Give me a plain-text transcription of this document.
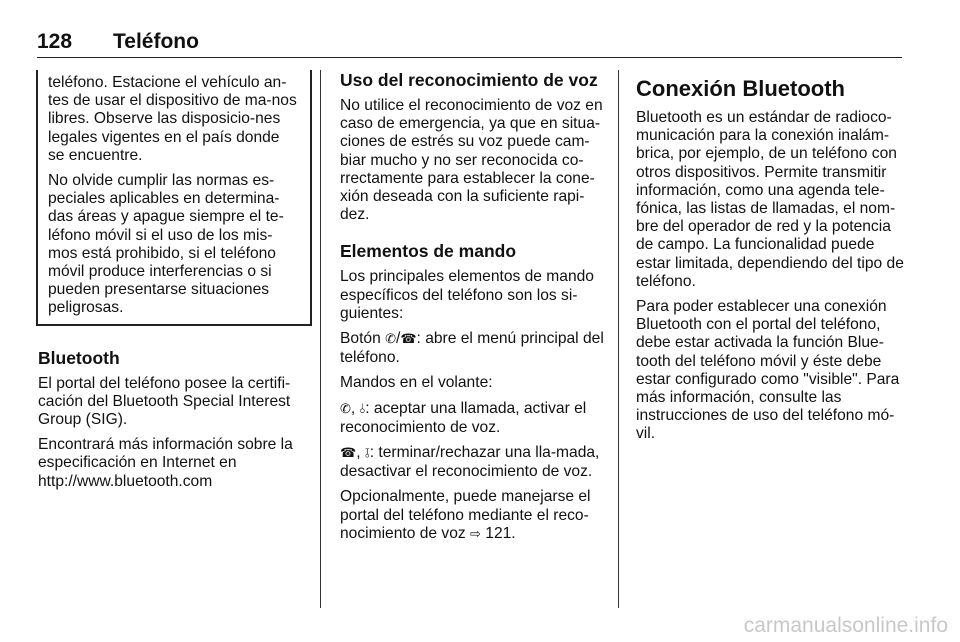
128	Teléfono

teléfono. Estacione el vehículo an-tes de usar el dispositivo de ma-nos libres. Observe las disposicio-nes legales vigentes en el país donde se encuentre.

No olvide cumplir las normas es-peciales aplicables en determina-das áreas y apague siempre el te-léfono móvil si el uso de los mis-mos está prohibido, si el teléfono móvil produce interferencias o si pueden presentarse situaciones peligrosas.

Bluetooth

El portal del teléfono posee la certifi-cación del Bluetooth Special Interest Group (SIG).

Encontrará más información sobre la especificación en Internet en http://www.bluetooth.com

Uso del reconocimiento de voz

No utilice el reconocimiento de voz en caso de emergencia, ya que en situa-ciones de estrés su voz puede cam-biar mucho y no ser reconocida co-rrectamente para establecer la cone-xión deseada con la suficiente rapi-dez.

Elementos de mando

Los principales elementos de mando específicos del teléfono son los si-guientes:

Botón ✆/☎: abre el menú principal del teléfono.

Mandos en el volante:

✆, ⫰: aceptar una llamada, activar el reconocimiento de voz.

☎, ⫱: terminar/rechazar una lla-mada, desactivar el reconocimiento de voz.

Opcionalmente, puede manejarse el portal del teléfono mediante el reco-nocimiento de voz ⇨ 121.

Conexión Bluetooth

Bluetooth es un estándar de radioco-municación para la conexión inalám-brica, por ejemplo, de un teléfono con otros dispositivos. Permite transmitir información, como una agenda tele-fónica, las listas de llamadas, el nom-bre del operador de red y la potencia de campo. La funcionalidad puede estar limitada, dependiendo del tipo de teléfono.

Para poder establecer una conexión Bluetooth con el portal del teléfono, debe estar activada la función Blue-tooth del teléfono móvil y éste debe estar configurado como "visible". Para más información, consulte las instrucciones de uso del teléfono mó-vil.

carmanualsonline.info
